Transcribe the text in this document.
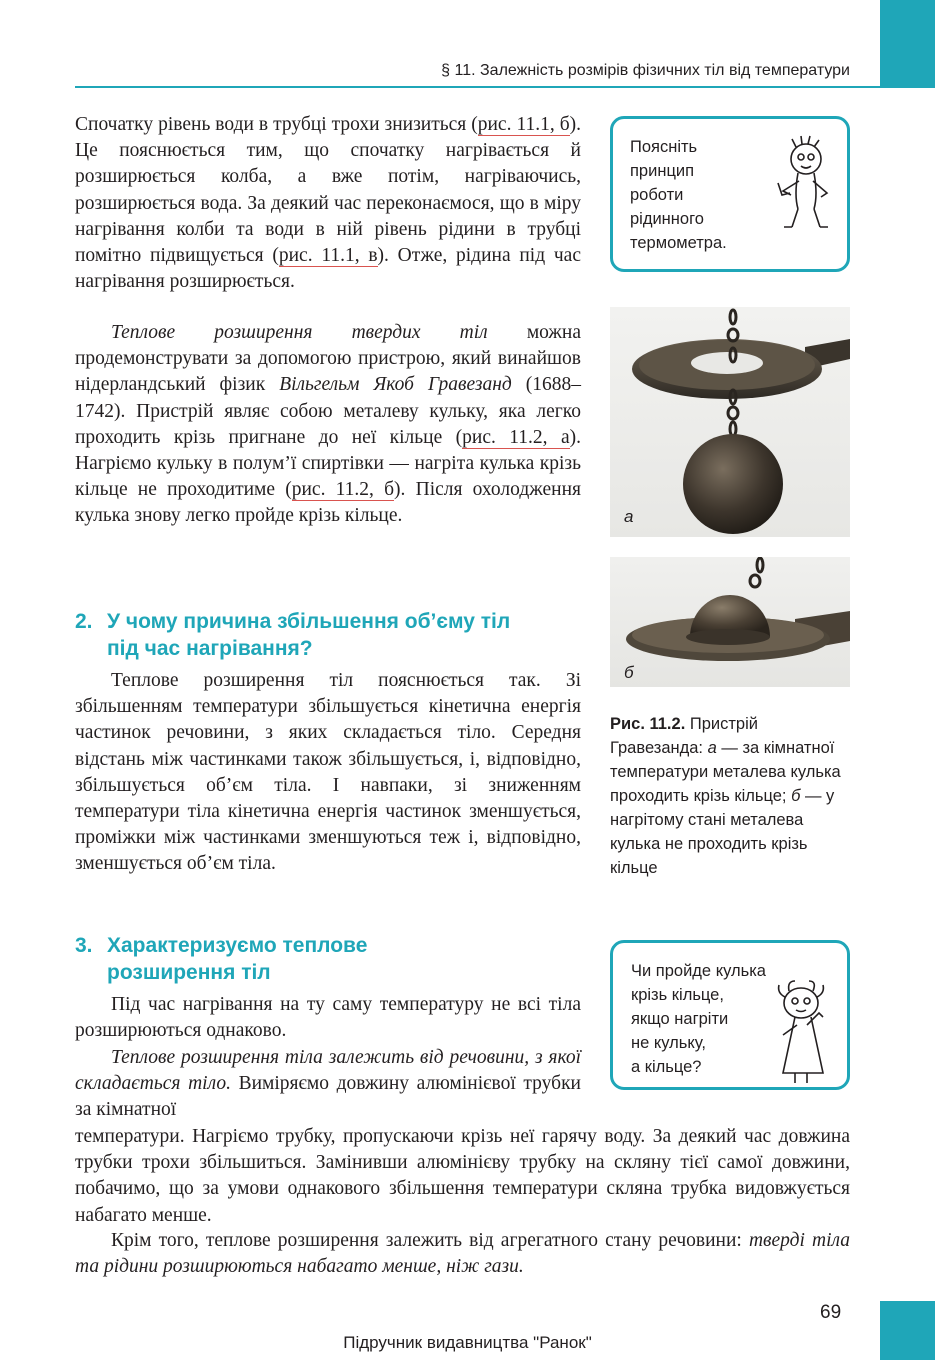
§ 11. Залежність розмірів фізичних тіл від температури

Спочатку рівень води в трубці трохи знизиться (рис. 11.1, б). Це пояснюється тим, що спочатку нагрівається й розширюється колба, а вже потім, нагріваючись, розширюється вода. За деякий час переконаємося, що в міру нагрівання колби та води в ній рівень рідини в трубці помітно підвищується (рис. 11.1, в). Отже, рідина під час нагрівання розширюється.

Теплове розширення твердих тіл можна продемонструвати за допомогою пристрою, який винайшов нідерландський фізик Вільгельм Якоб Гравезанд (1688–1742). Пристрій являє собою металеву кульку, яка легко проходить крізь пригнане до неї кільце (рис. 11.2, а). Нагріємо кульку в полум’ї спиртівки — нагріта кулька крізь кільце не проходитиме (рис. 11.2, б). Після охолодження кулька знову легко пройде крізь кільце.

2. У чому причина збільшення об’єму тіл
під час нагрівання?

Теплове розширення тіл пояснюється так. Зі збільшенням температури збільшується кінетична енергія частинок речовини, з яких складається тіло. Середня відстань між частинками також збільшується, і, відповідно, збільшується об’єм тіла. І навпаки, зі зниженням температури тіла кінетична енергія частинок зменшується, проміжки між частинками зменшуються теж і, відповідно, зменшується об’єм тіла.

3. Характеризуємо теплове
розширення тіл

Під час нагрівання на ту саму температуру не всі тіла розширюються однаково.

Теплове розширення тіла залежить від речовини, з якої складається тіло. Виміряємо довжину алюмінієвої трубки за кімнатної

температури. Нагріємо трубку, пропускаючи крізь неї гарячу воду. За деякий час довжина трубки трохи збільшиться. Замінивши алюмінієву трубку на скляну тієї самої довжини, побачимо, що за умови однакового збільшення температури скляна трубка видовжується набагато менше.

Крім того, теплове розширення залежить від агрегатного стану речовини: тверді тіла та рідини розширюються набагато менше, ніж гази.

Поясніть
принцип
роботи
рідинного
термометра.
а
б
Рис. 11.2. Пристрій Гравезанда: а — за кімнатної температури металева кулька проходить крізь кільце; б — у нагрітому стані металева кулька не проходить крізь кільце
Чи пройде кулька
крізь кільце,
якщо нагріти
не кульку,
а кільце?
69
Підручник видавництва "Ранок"
